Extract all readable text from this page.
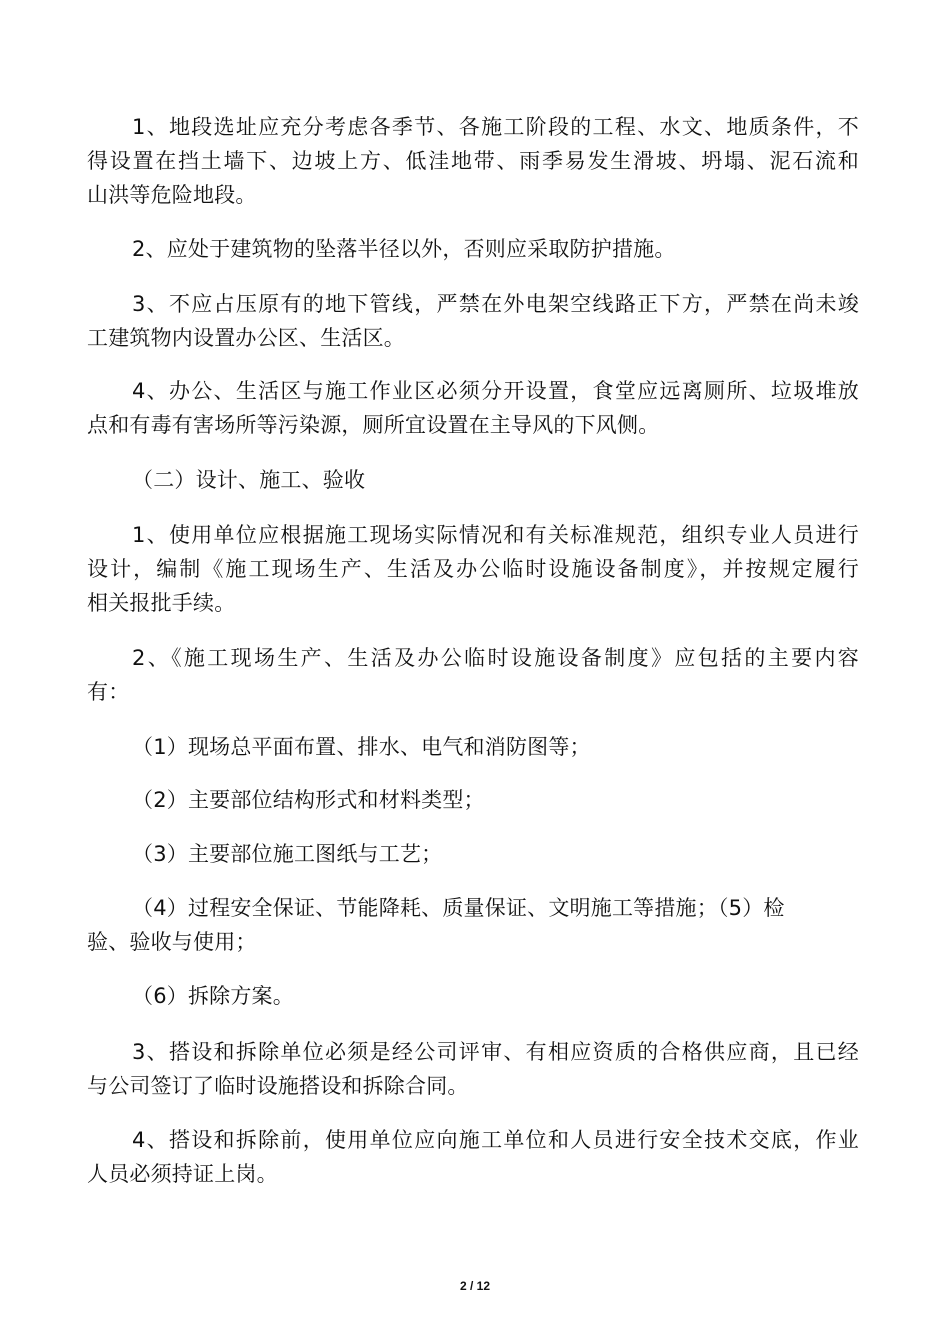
1、地段选址应充分考虑各季节、各施工阶段的工程、水文、地质条件，不
得设置在挡土墙下、边坡上方、低洼地带、雨季易发生滑坡、坍塌、泥石流和
山洪等危险地段。

2、应处于建筑物的坠落半径以外，否则应采取防护措施。

3、不应占压原有的地下管线，严禁在外电架空线路正下方，严禁在尚未竣
工建筑物内设置办公区、生活区。

4、办公、生活区与施工作业区必须分开设置，食堂应远离厕所、垃圾堆放
点和有毒有害场所等污染源，厕所宜设置在主导风的下风侧。

（二）设计、施工、验收

1、使用单位应根据施工现场实际情况和有关标准规范，组织专业人员进行
设计，编制《施工现场生产、生活及办公临时设施设备制度》，并按规定履行
相关报批手续。

2、《施工现场生产、生活及办公临时设施设备制度》应包括的主要内容
有：

（1）现场总平面布置、排水、电气和消防图等；

（2）主要部位结构形式和材料类型；

（3）主要部位施工图纸与工艺；

（4）过程安全保证、节能降耗、质量保证、文明施工等措施；（5）检
验、验收与使用；

（6）拆除方案。

3、搭设和拆除单位必须是经公司评审、有相应资质的合格供应商，且已经
与公司签订了临时设施搭设和拆除合同。

4、搭设和拆除前，使用单位应向施工单位和人员进行安全技术交底，作业
人员必须持证上岗。

2 / 12
